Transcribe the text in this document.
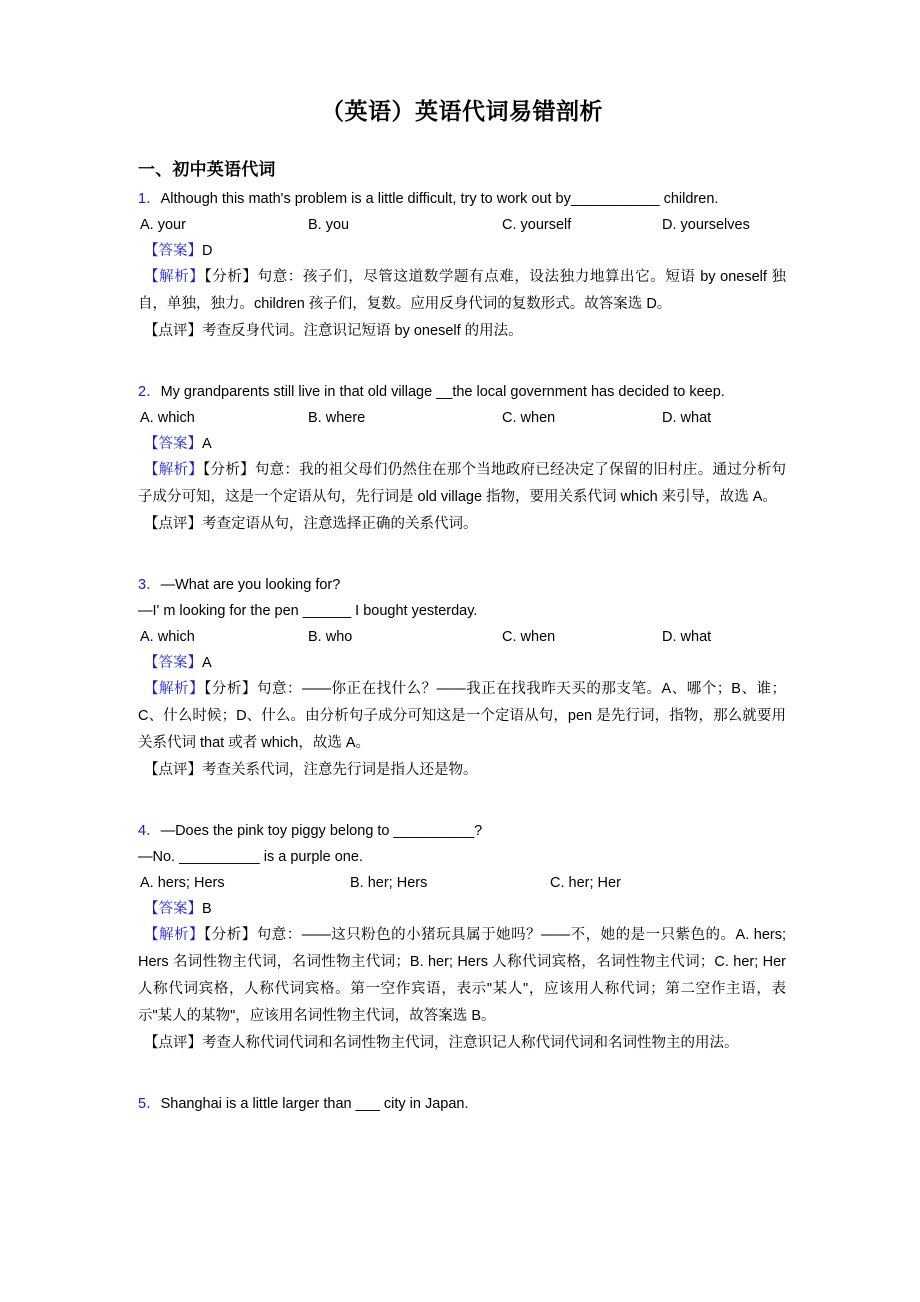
（英语）英语代词易错剖析
一、初中英语代词
1．Although this math's problem is a little difficult, try to work out by___________ children.
A. your	B. you	C. yourself	D. yourselves
【答案】D
【解析】【分析】句意：孩子们，尽管这道数学题有点难，设法独力地算出它。短语 by oneself 独自，单独，独力。children 孩子们，复数。应用反身代词的复数形式。故答案选 D。
【点评】考查反身代词。注意识记短语 by oneself 的用法。
2．My grandparents still live in that old village __the local government has decided to keep.
A. which	B. where	C. when	D. what
【答案】A
【解析】【分析】句意：我的祖父母们仍然住在那个当地政府已经决定了保留的旧村庄。通过分析句子成分可知，这是一个定语从句，先行词是 old village 指物，要用关系代词 which 来引导，故选 A。
【点评】考查定语从句，注意选择正确的关系代词。
3．—What are you looking for?
—I' m looking for the pen ______ I bought yesterday.
A. which	B. who	C. when	D. what
【答案】A
【解析】【分析】句意：——你正在找什么？——我正在找我昨天买的那支笔。A、哪个；B、谁；C、什么时候；D、什么。由分析句子成分可知这是一个定语从句，pen 是先行词，指物，那么就要用关系代词 that 或者 which，故选 A。
【点评】考查关系代词，注意先行词是指人还是物。
4．—Does the pink toy piggy belong to __________?
—No. __________ is a purple one.
A. hers; Hers	B. her; Hers	C. her; Her
【答案】B
【解析】【分析】句意：——这只粉色的小猪玩具属于她吗？——不，她的是一只紫色的。A. hers; Hers 名词性物主代词，名词性物主代词；B. her; Hers 人称代词宾格，名词性物主代词；C. her; Her 人称代词宾格，人称代词宾格。第一空作宾语，表示"某人"，应该用人称代词；第二空作主语，表示"某人的某物"，应该用名词性物主代词，故答案选 B。
【点评】考查人称代词代词和名词性物主代词，注意识记人称代词代词和名词性物主的用法。
5．Shanghai is a little larger than ___ city in Japan.
